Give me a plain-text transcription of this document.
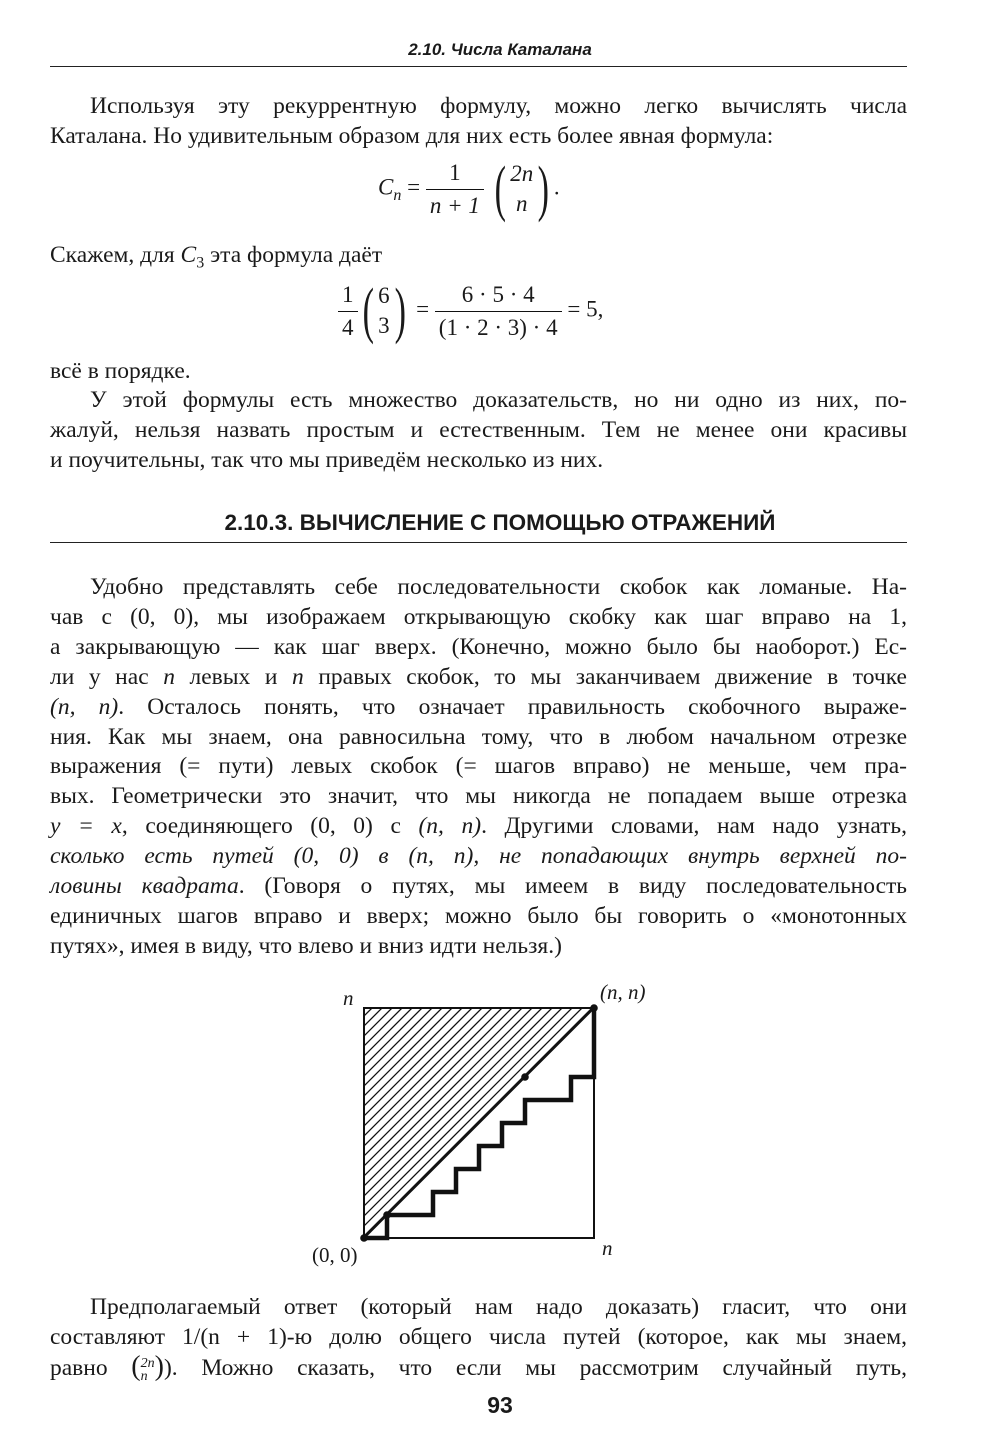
2.10. Числа Каталана
Используя эту рекуррентную формулу, можно легко вычислять числа
Каталана. Но удивительным образом для них есть более явная формула:
$C_n = \frac{1}{n + 1}$ ( 2n
n ) .
Скажем, для $C_3$ эта формула даёт
$\frac{1}{4}$ ( 6
3 ) = $\frac{6 \cdot 5 \cdot 4}{(1 \cdot 2 \cdot 3) \cdot 4} = 5$,
всё в порядке.
У этой формулы есть множество доказательств, но ни одно из них, по-
жалуй, нельзя назвать простым и естественным. Тем не менее они красивы
и поучительны, так что мы приведём несколько из них.
2.10.3. ВЫЧИСЛЕНИЕ С ПОМОЩЬЮ ОТРАЖЕНИЙ
Удобно представлять себе последовательности скобок как ломаные. На-
чав с (0, 0), мы изображаем открывающую скобку как шаг вправо на 1,
а закрывающую — как шаг вверх. (Конечно, можно было бы наоборот.) Ес-
ли у нас n левых и n правых скобок, то мы заканчиваем движение в точке
(n, n). Осталось понять, что означает правильность скобочного выраже-
ния. Как мы знаем, она равносильна тому, что в любом начальном отрезке
выражения (= пути) левых скобок (= шагов вправо) не меньше, чем пра-
вых. Геометрически это значит, что мы никогда не попадаем выше отрезка
y = x, соединяющего (0, 0) с (n, n). Другими словами, нам надо узнать,
сколько есть путей (0, 0) в (n, n), не попадающих внутрь верхней по-
ловины квадрата. (Говоря о путях, мы имеем в виду последовательность
единичных шагов вправо и вверх; можно было бы говорить о «монотонных
путях», имея в виду, что влево и вниз идти нельзя.)
n	(n, n)
(0, 0)	n
Предполагаемый ответ (который нам надо доказать) гласит, что они
составляют 1/(n + 1)-ю долю общего числа путей (которое, как мы знаем,
равно ( 2n
n )). Можно сказать, что если мы рассмотрим случайный путь,
93
